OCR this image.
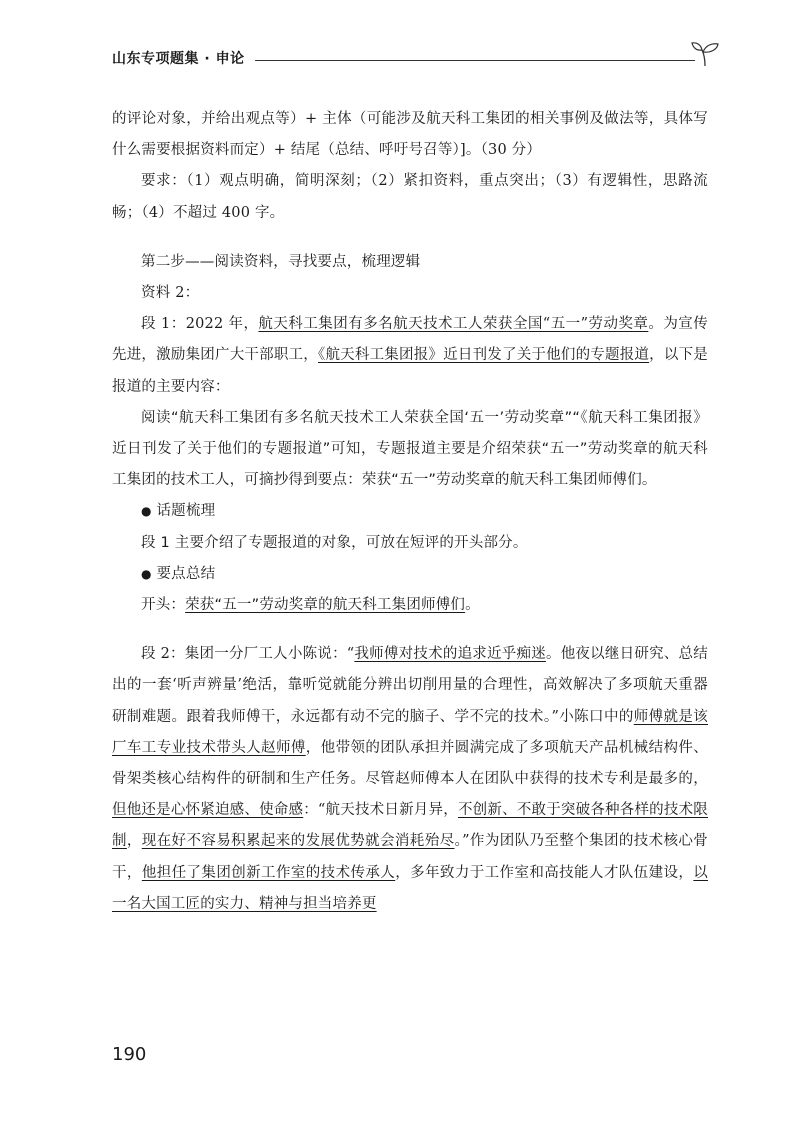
山东专项题集 · 申论

的评论对象，并给出观点等）+ 主体（可能涉及航天科工集团的相关事例及做法等，具体写什么需要根据资料而定）+ 结尾（总结、呼吁号召等）]。（30 分）

要求：（1）观点明确，简明深刻；（2）紧扣资料，重点突出；（3）有逻辑性，思路流畅；（4）不超过 400 字。

第二步——阅读资料，寻找要点，梳理逻辑

资料 2：

段 1：2022 年，航天科工集团有多名航天技术工人荣获全国“五一”劳动奖章。为宣传先进，激励集团广大干部职工，《航天科工集团报》近日刊发了关于他们的专题报道，以下是报道的主要内容：

阅读“航天科工集团有多名航天技术工人荣获全国‘五一’劳动奖章”“《航天科工集团报》近日刊发了关于他们的专题报道”可知，专题报道主要是介绍荣获“五一”劳动奖章的航天科工集团的技术工人，可摘抄得到要点：荣获“五一”劳动奖章的航天科工集团师傅们。

● 话题梳理

段 1 主要介绍了专题报道的对象，可放在短评的开头部分。

● 要点总结

开头：荣获“五一”劳动奖章的航天科工集团师傅们。

段 2：集团一分厂工人小陈说：“我师傅对技术的追求近乎痴迷。他夜以继日研究、总结出的一套‘听声辨量’绝活，靠听觉就能分辨出切削用量的合理性，高效解决了多项航天重器研制难题。跟着我师傅干，永远都有动不完的脑子、学不完的技术。”小陈口中的师傅就是该厂车工专业技术带头人赵师傅，他带领的团队承担并圆满完成了多项航天产品机械结构件、骨架类核心结构件的研制和生产任务。尽管赵师傅本人在团队中获得的技术专利是最多的，但他还是心怀紧迫感、使命感：“航天技术日新月异，不创新、不敢于突破各种各样的技术限制，现在好不容易积累起来的发展优势就会消耗殆尽。”作为团队乃至整个集团的技术核心骨干，他担任了集团创新工作室的技术传承人，多年致力于工作室和高技能人才队伍建设，以一名大国工匠的实力、精神与担当培养更

190
